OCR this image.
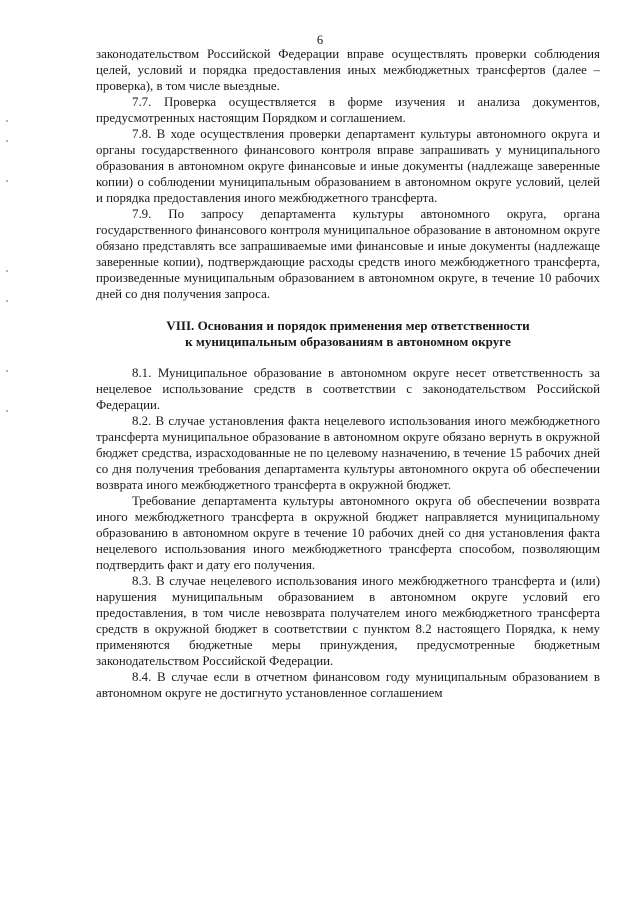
6

законодательством Российской Федерации вправе осуществлять проверки соблюдения целей, условий и порядка предоставления иных межбюджетных трансфертов (далее – проверка), в том числе выездные.

7.7. Проверка осуществляется в форме изучения и анализа документов, предусмотренных настоящим Порядком и соглашением.

7.8. В ходе осуществления проверки департамент культуры автономного округа и органы государственного финансового контроля вправе запрашивать у муниципального образования в автономном округе финансовые и иные документы (надлежаще заверенные копии) о соблюдении муниципальным образованием в автономном округе условий, целей и порядка предоставления иного межбюджетного трансферта.

7.9. По запросу департамента культуры автономного округа, органа государственного финансового контроля муниципальное образование в автономном округе обязано представлять все запрашиваемые ими финансовые и иные документы (надлежаще заверенные копии), подтверждающие расходы средств иного межбюджетного трансферта, произведенные муниципальным образованием в автономном округе, в течение 10 рабочих дней со дня получения запроса.

VIII. Основания и порядок применения мер ответственности
к муниципальным образованиям в автономном округе

8.1. Муниципальное образование в автономном округе несет ответственность за нецелевое использование средств в соответствии с законодательством Российской Федерации.

8.2. В случае установления факта нецелевого использования иного межбюджетного трансферта муниципальное образование в автономном округе обязано вернуть в окружной бюджет средства, израсходованные не по целевому назначению, в течение 15 рабочих дней со дня получения требования департамента культуры автономного округа об обеспечении возврата иного межбюджетного трансферта в окружной бюджет.

Требование департамента культуры автономного округа об обеспечении возврата иного межбюджетного трансферта в окружной бюджет направляется муниципальному образованию в автономном округе в течение 10 рабочих дней со дня установления факта нецелевого использования иного межбюджетного трансферта способом, позволяющим подтвердить факт и дату его получения.

8.3. В случае нецелевого использования иного межбюджетного трансферта и (или) нарушения муниципальным образованием в автономном округе условий его предоставления, в том числе невозврата получателем иного межбюджетного трансферта средств в окружной бюджет в соответствии с пунктом 8.2 настоящего Порядка, к нему применяются бюджетные меры принуждения, предусмотренные бюджетным законодательством Российской Федерации.

8.4. В случае если в отчетном финансовом году муниципальным образованием в автономном округе не достигнуто установленное соглашением
